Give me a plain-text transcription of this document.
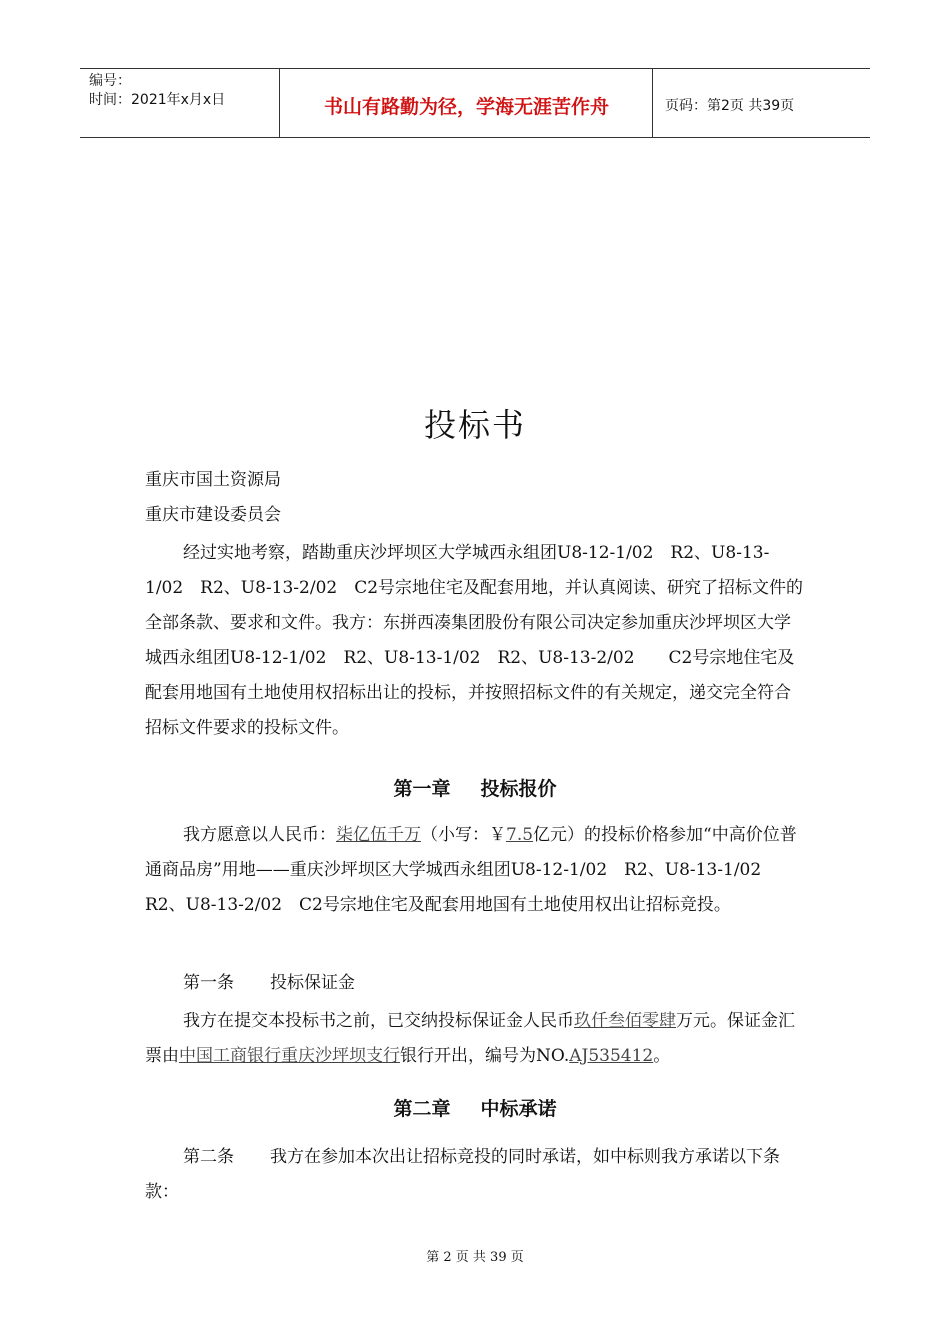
编号：
时间：2021年x月x日	书山有路勤为径，学海无涯苦作舟	页码：第2页 共39页
投标书

重庆市国土资源局

重庆市建设委员会

经过实地考察，踏勘重庆沙坪坝区大学城西永组团U8-12-1/02　R2、U8-13-1/02　R2、U8-13-2/02　C2号宗地住宅及配套用地，并认真阅读、研究了招标文件的全部条款、要求和文件。我方：东拼西凑集团股份有限公司决定参加重庆沙坪坝区大学城西永组团U8-12-1/02　R2、U8-13-1/02　R2、U8-13-2/02　　C2号宗地住宅及配套用地国有土地使用权招标出让的投标，并按照招标文件的有关规定，递交完全符合招标文件要求的投标文件。

第一章 投标报价

我方愿意以人民币：柒亿伍千万（小写：￥7.5亿元）的投标价格参加“中高价位普通商品房”用地——重庆沙坪坝区大学城西永组团U8-12-1/02　R2、U8-13-1/02　R2、U8-13-2/02　C2号宗地住宅及配套用地国有土地使用权出让招标竞投。

第一条 投标保证金

我方在提交本投标书之前，已交纳投标保证金人民币玖仟叁佰零肆万元。保证金汇票由中国工商银行重庆沙坪坝支行银行开出，编号为NO.AJ535412。

第二章 中标承诺

第二条 我方在参加本次出让招标竞投的同时承诺，如中标则我方承诺以下条款：

第 2 页 共 39 页
